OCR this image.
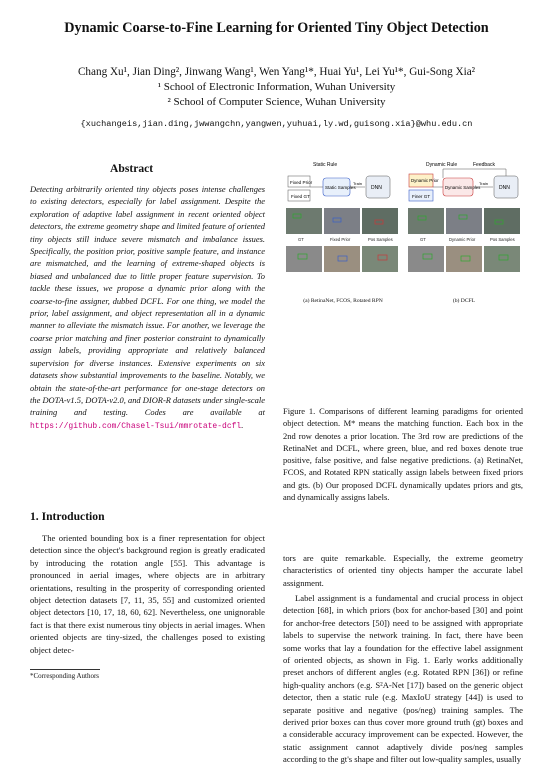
Dynamic Coarse-to-Fine Learning for Oriented Tiny Object Detection
Chang Xu¹, Jian Ding², Jinwang Wang¹, Wen Yang¹*, Huai Yu¹, Lei Yu¹*, Gui-Song Xia²
¹ School of Electronic Information, Wuhan University
² School of Computer Science, Wuhan University
{xuchangeis,jian.ding,jwwangchn,yangwen,yuhuai,ly.wd,guisong.xia}@whu.edu.cn
Abstract

Detecting arbitrarily oriented tiny objects poses intense challenges to existing detectors, especially for label assignment. Despite the exploration of adaptive label assignment in recent oriented object detectors, the extreme geometry shape and limited feature of oriented tiny objects still induce severe mismatch and imbalance issues. Specifically, the position prior, positive sample feature, and instance are mismatched, and the learning of extreme-shaped objects is biased and unbalanced due to little proper feature supervision. To tackle these issues, we propose a dynamic prior along with the coarse-to-fine assigner, dubbed DCFL. For one thing, we model the prior, label assignment, and object representation all in a dynamic manner to alleviate the mismatch issue. For another, we leverage the coarse prior matching and finer posterior constraint to dynamically assign labels, providing appropriate and relatively balanced supervision for diverse instances. Extensive experiments on six datasets show substantial improvements to the baseline. Notably, we obtain the state-of-the-art performance for one-stage detectors on the DOTA-v1.5, DOTA-v2.0, and DIOR-R datasets under single-scale training and testing. Codes are available at https://github.com/Chasel-Tsui/mmrotate-dcfl.

1. Introduction

The oriented bounding box is a finer representation for object detection since the object's background region is greatly eradicated by introducing the rotation angle [55]. This advantage is pronounced in aerial images, where objects are in arbitrary orientations, resulting in the prosperity of corresponding oriented object detection datasets [7, 11, 35, 55] and customized oriented object detectors [10, 17, 18, 60, 62]. Nevertheless, one unignorable fact is that there exist numerous tiny objects in aerial images. When oriented objects are tiny-sized, the challenges posed to existing object detec-

*Corresponding Authors
Static Rule
Fixed Prior
Fixed GT
Static Samples
Train
DNN
Dynamic Rule	Feedback
Dynamic Prior
Finer GT
Dynamic Samples
Train
DNN
GT	Fixed Prior	Pos Samples	GT	Dynamic Prior	Pos Samples
(a) RetinaNet, FCOS, Rotated RPN	(b) DCFL

Figure 1. Comparisons of different learning paradigms for oriented object detection. M* means the matching function. Each box in the 2nd row denotes a prior location. The 3rd row are predictions of the RetinaNet and DCFL, where green, blue, and red boxes denote true positive, false positive, and false negative predictions. (a) RetinaNet, FCOS, and Rotated RPN statically assign labels between fixed priors and gts. (b) Our proposed DCFL dynamically updates priors and gts, and dynamically assigns labels.

tors are quite remarkable. Especially, the extreme geometry characteristics of oriented tiny objects hamper the accurate label assignment.

Label assignment is a fundamental and crucial process in object detection [68], in which priors (box for anchor-based [30] and point for anchor-free detectors [50]) need to be assigned with appropriate labels to supervise the network training. In fact, there have been some works that lay a foundation for the effective label assignment of oriented objects, as shown in Fig. 1. Early works additionally preset anchors of different angles (e.g. Rotated RPN [36]) or refine high-quality anchors (e.g. S²A-Net [17]) based on the generic object detector, then a static rule (e.g. MaxIoU strategy [44]) is used to separate positive and negative (pos/neg) training samples. The derived prior boxes can thus cover more ground truth (gt) boxes and a considerable accuracy improvement can be expected. However, the static assignment cannot adaptively divide pos/neg samples according to the gt's shape and filter out low-quality samples, usually
